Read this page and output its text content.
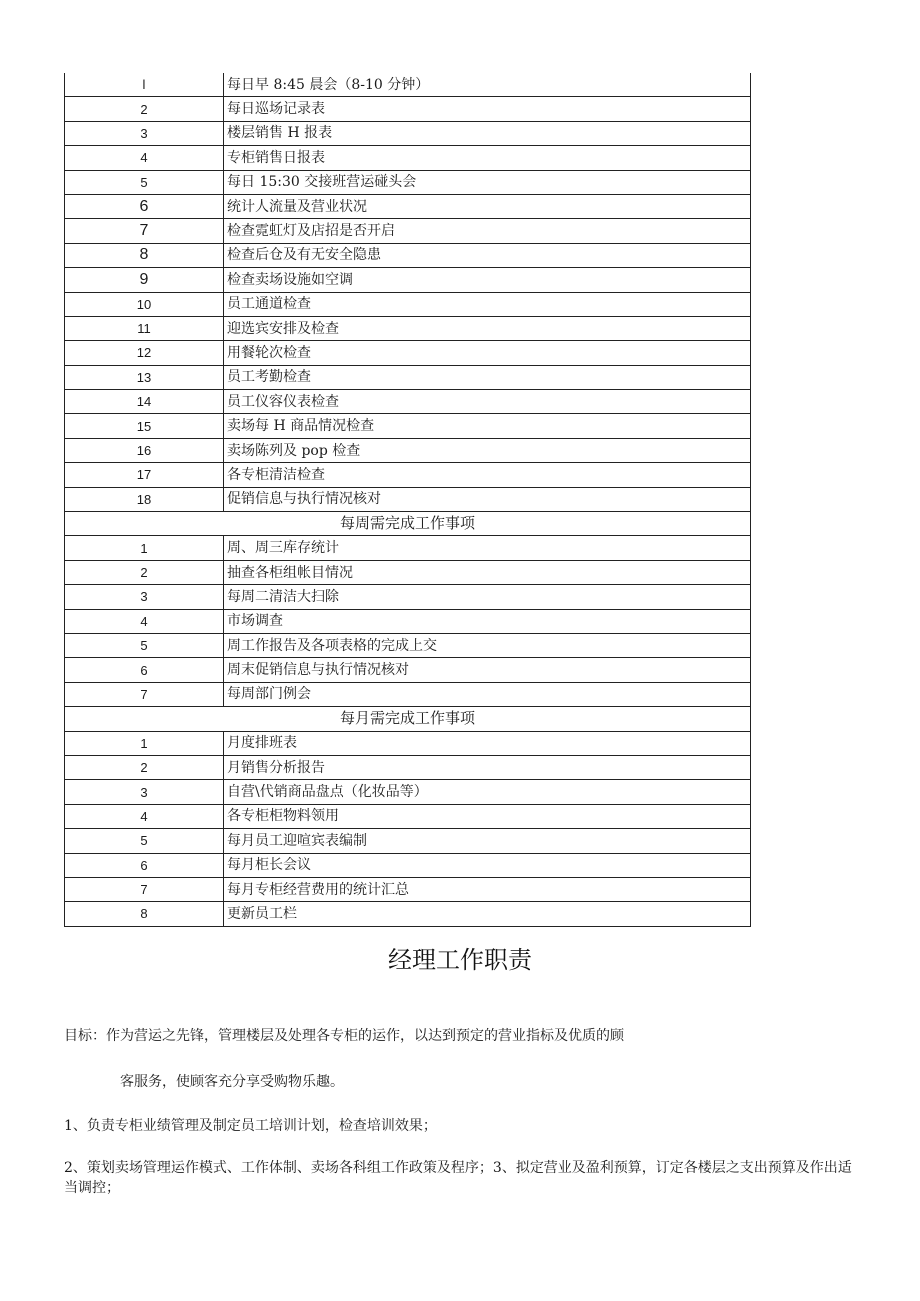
l	每日早 8:45 晨会（8-10 分钟）
2	每日巡场记录表
3	楼层销售 H 报表
4	专柜销售日报表
5	每日 15:30 交接班营运碰头会
6	统计人流量及营业状况
7	检查霓虹灯及店招是否开启
8	检查后仓及有无安全隐患
9	检查卖场设施如空调
10	员工通道检查
11	迎选宾安排及检查
12	用餐轮次检查
13	员工考勤检查
14	员工仪容仪表检查
15	卖场每 H 商品情况检查
16	卖场陈列及 pop 检查
17	各专柜清洁检查
18	促销信息与执行情况核对
每周需完成工作事项	
1	周、周三库存统计
2	抽查各柜组帐目情况
3	每周二清洁大扫除
4	市场调查
5	周工作报告及各项表格的完成上交
6	周末促销信息与执行情况核对
7	每周部门例会
每月需完成工作事项	
1	月度排班表
2	月销售分析报告
3	自营\代销商品盘点（化妆品等）
4	各专柜柜物料领用
5	每月员工迎喧宾表编制
6	每月柜长会议
7	每月专柜经营费用的统计汇总
8	更新员工栏
经理工作职责
目标：作为营运之先锋，管理楼层及处理各专柜的运作，以达到预定的营业指标及优质的顾
客服务，使顾客充分享受购物乐趣。
1、负责专柜业绩管理及制定员工培训计划，检查培训效果；
2、策划卖场管理运作模式、工作体制、卖场各科组工作政策及程序；3、拟定营业及盈利预算，订定各楼层之支出预算及作出适当调控；
